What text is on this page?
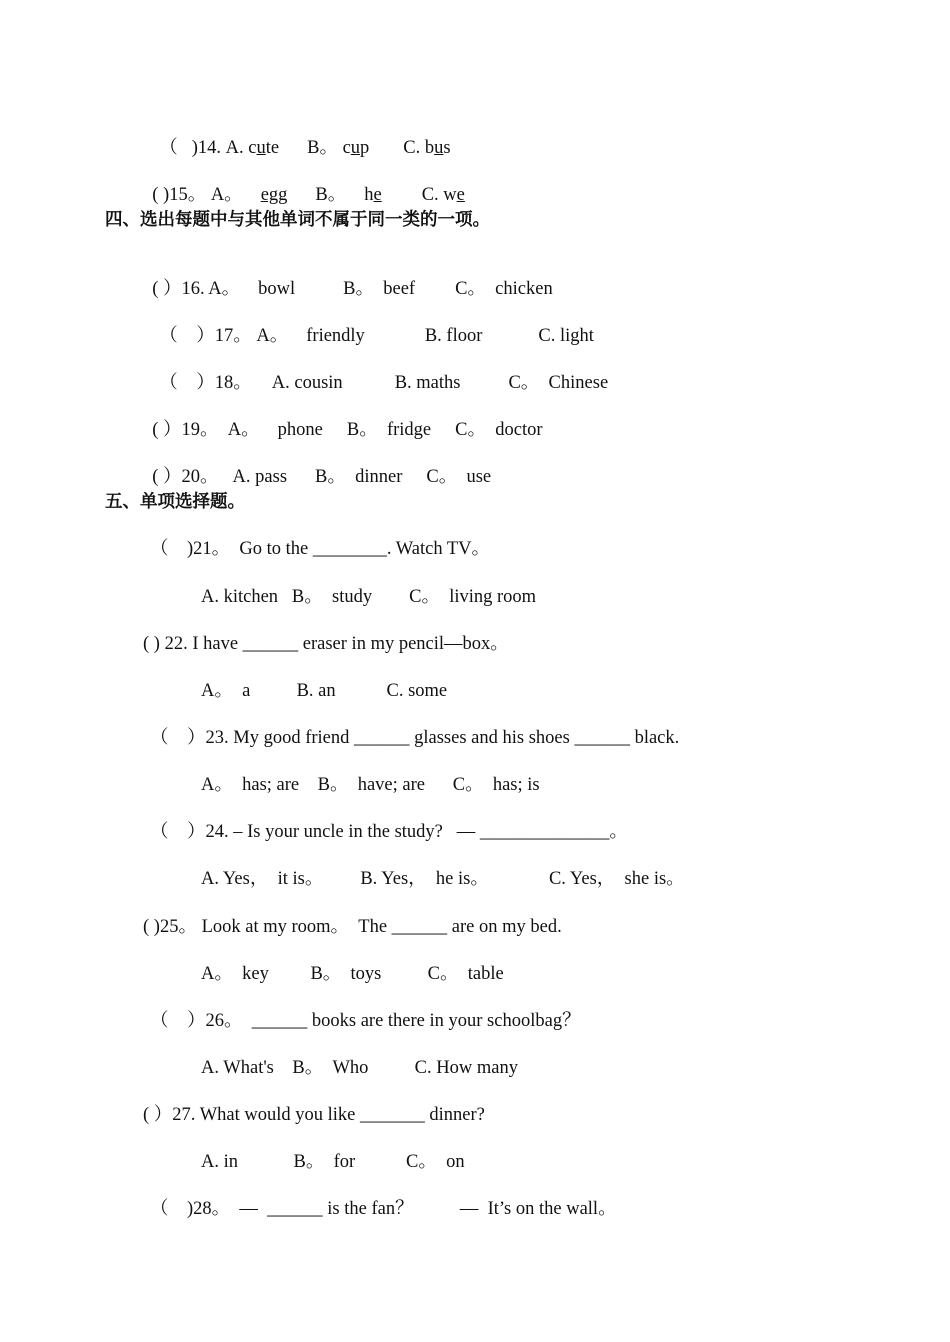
（ )14. A. cute B。 cup C. bus

( )15。 A。 egg B。 he C. we

四、选出每题中与其他单词不属于同一类的一项。

( ）16. A。 bowl	B。  beef C。  chicken

（    ）17。 A。 friendly	B. floor	C. light

（    ）18。 A. cousin	B. maths	C。  Chinese

( ）19。  A。 phone B。  fridge C。  doctor

( ）20。 A. pass B。  dinner C。  use

五、单项选择题。
（    )21。  Go to the ________. Watch TV。
A. kitchen   B。  study        C。  living room
( ) 22. I have ______ eraser in my pencil—box。
A。  a          B. an           C. some
（    ）23. My good friend ______ glasses and his shoes ______ black.
A。  has; are    B。  have; are      C。  has; is
（    ）24. – Is your uncle in the study?   — ______________。
A. Yes，  it is。        B. Yes，  he is。             C. Yes，  she is。
( )25。 Look at my room。  The ______ are on my bed.
A。  key         B。  toys          C。  table
（    ）26。  ______ books are there in your schoolbag？
A. What's    B。  Who          C. How many
( ）27. What would you like _______ dinner?
A. in            B。  for           C。  on
（    )28。  —  ______ is the fan？          —  It’s on the wall。
